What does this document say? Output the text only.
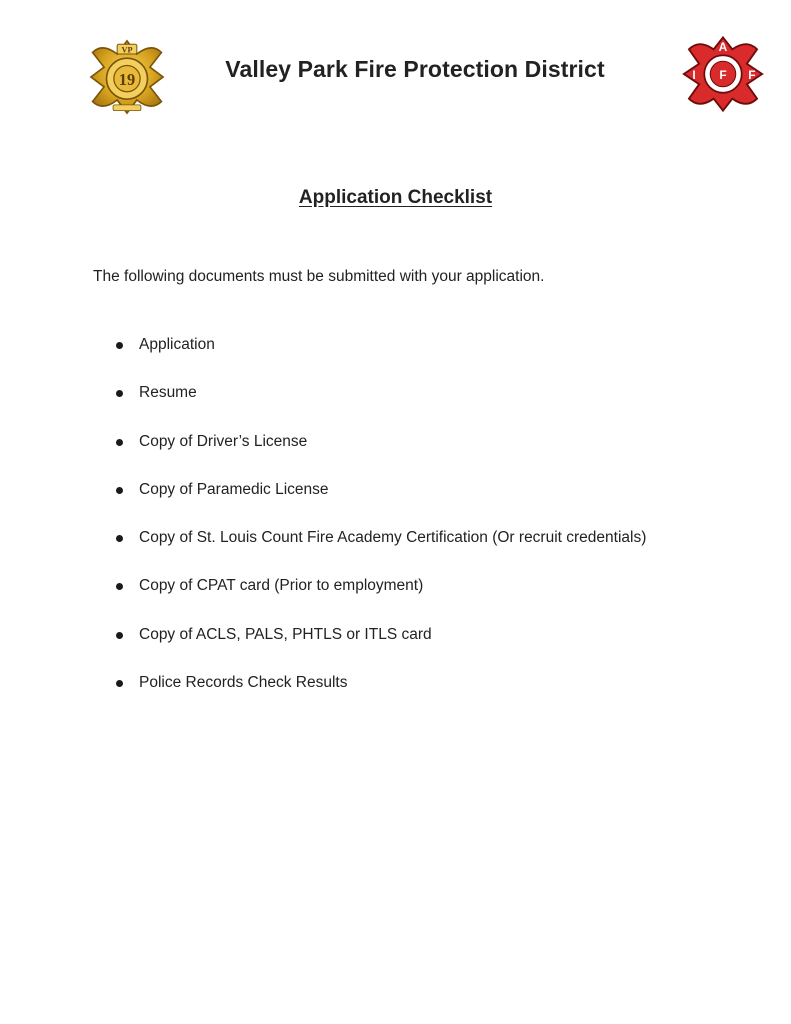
VP
19	Valley Park Fire Protection District
A
I	F
F
Application Checklist
The following documents must be submitted with your application.
Application
Resume
Copy of Driver’s License
Copy of Paramedic License
Copy of St. Louis Count Fire Academy Certification (Or recruit credentials)
Copy of CPAT card (Prior to employment)
Copy of ACLS, PALS, PHTLS or ITLS card
Police Records Check Results
